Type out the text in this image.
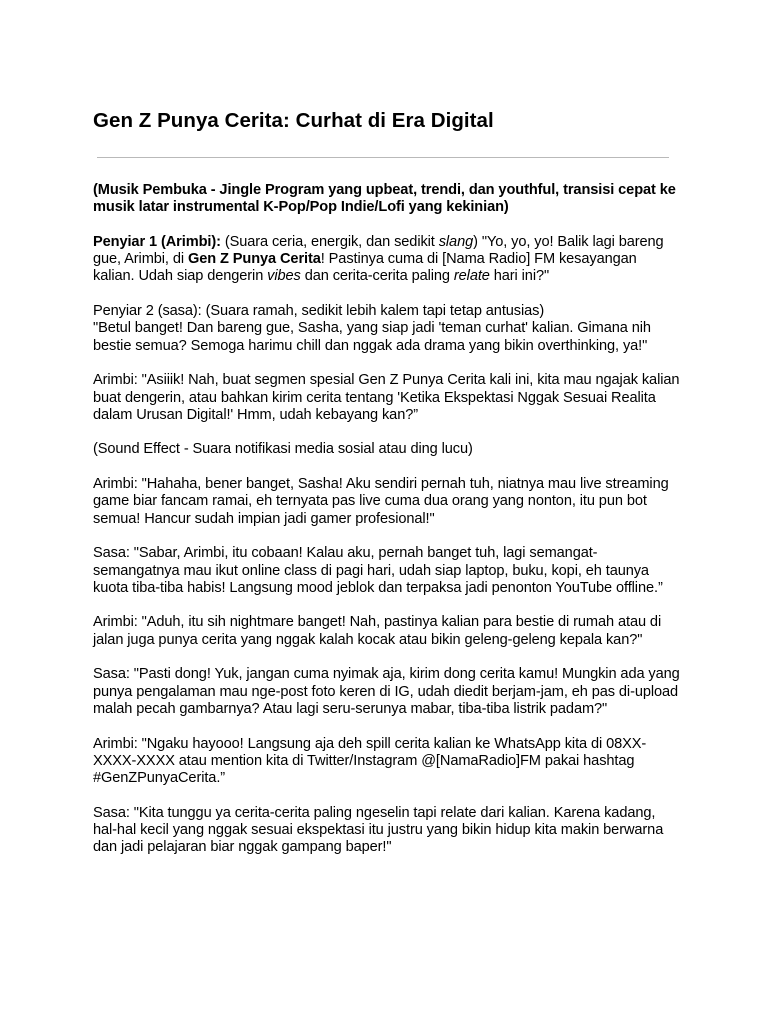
Gen Z Punya Cerita: Curhat di Era Digital

(Musik Pembuka - Jingle Program yang upbeat, trendi, dan youthful, transisi cepat ke musik latar instrumental K-Pop/Pop Indie/Lofi yang kekinian)

Penyiar 1 (Arimbi): (Suara ceria, energik, dan sedikit slang) "Yo, yo, yo! Balik lagi bareng gue, Arimbi, di Gen Z Punya Cerita! Pastinya cuma di [Nama Radio] FM kesayangan kalian. Udah siap dengerin vibes dan cerita-cerita paling relate hari ini?"

Penyiar 2 (sasa): (Suara ramah, sedikit lebih kalem tapi tetap antusias)

"Betul banget! Dan bareng gue, Sasha, yang siap jadi 'teman curhat' kalian. Gimana nih bestie semua? Semoga harimu chill dan nggak ada drama yang bikin overthinking, ya!"

Arimbi: "Asiiik! Nah, buat segmen spesial Gen Z Punya Cerita kali ini, kita mau ngajak kalian buat dengerin, atau bahkan kirim cerita tentang 'Ketika Ekspektasi Nggak Sesuai Realita dalam Urusan Digital!' Hmm, udah kebayang kan?”

(Sound Effect - Suara notifikasi media sosial atau ding lucu)

Arimbi: "Hahaha, bener banget, Sasha! Aku sendiri pernah tuh, niatnya mau live streaming game biar fancam ramai, eh ternyata pas live cuma dua orang yang nonton, itu pun bot semua! Hancur sudah impian jadi gamer profesional!"

Sasa: "Sabar, Arimbi, itu cobaan! Kalau aku, pernah banget tuh, lagi semangat-semangatnya mau ikut online class di pagi hari, udah siap laptop, buku, kopi, eh taunya kuota tiba-tiba habis! Langsung mood jeblok dan terpaksa jadi penonton YouTube offline.”

Arimbi: "Aduh, itu sih nightmare banget! Nah, pastinya kalian para bestie di rumah atau di jalan juga punya cerita yang nggak kalah kocak atau bikin geleng-geleng kepala kan?"

Sasa: "Pasti dong! Yuk, jangan cuma nyimak aja, kirim dong cerita kamu! Mungkin ada yang punya pengalaman mau nge-post foto keren di IG, udah diedit berjam-jam, eh pas di-upload malah pecah gambarnya? Atau lagi seru-serunya mabar, tiba-tiba listrik padam?"

Arimbi: "Ngaku hayooo! Langsung aja deh spill cerita kalian ke WhatsApp kita di 08XX-XXXX-XXXX atau mention kita di Twitter/Instagram @[NamaRadio]FM pakai hashtag #GenZPunyaCerita.”

Sasa: "Kita tunggu ya cerita-cerita paling ngeselin tapi relate dari kalian. Karena kadang, hal-hal kecil yang nggak sesuai ekspektasi itu justru yang bikin hidup kita makin berwarna dan jadi pelajaran biar nggak gampang baper!"
